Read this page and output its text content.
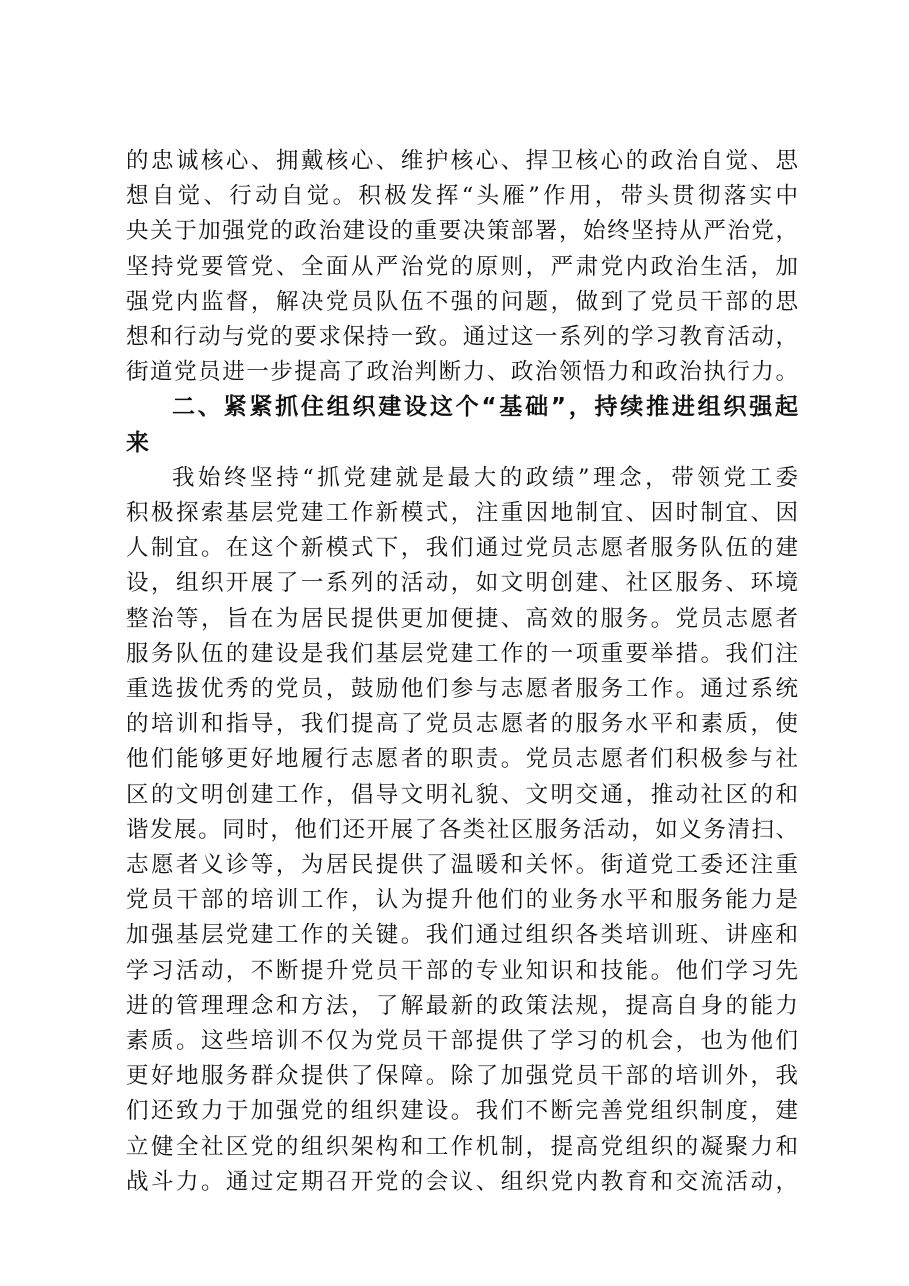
的忠诚核心、拥戴核心、维护核心、捍卫核心的政治自觉、思
想自觉、行动自觉。积极发挥“头雁”作用，带头贯彻落实中
央关于加强党的政治建设的重要决策部署，始终坚持从严治党，
坚持党要管党、全面从严治党的原则，严肃党内政治生活，加
强党内监督，解决党员队伍不强的问题，做到了党员干部的思
想和行动与党的要求保持一致。通过这一系列的学习教育活动，
街道党员进一步提高了政治判断力、政治领悟力和政治执行力。
二、紧紧抓住组织建设这个“基础”，持续推进组织强起
来
我始终坚持“抓党建就是最大的政绩”理念，带领党工委
积极探索基层党建工作新模式，注重因地制宜、因时制宜、因
人制宜。在这个新模式下，我们通过党员志愿者服务队伍的建
设，组织开展了一系列的活动，如文明创建、社区服务、环境
整治等，旨在为居民提供更加便捷、高效的服务。党员志愿者
服务队伍的建设是我们基层党建工作的一项重要举措。我们注
重选拔优秀的党员，鼓励他们参与志愿者服务工作。通过系统
的培训和指导，我们提高了党员志愿者的服务水平和素质，使
他们能够更好地履行志愿者的职责。党员志愿者们积极参与社
区的文明创建工作，倡导文明礼貌、文明交通，推动社区的和
谐发展。同时，他们还开展了各类社区服务活动，如义务清扫、
志愿者义诊等，为居民提供了温暖和关怀。街道党工委还注重
党员干部的培训工作，认为提升他们的业务水平和服务能力是
加强基层党建工作的关键。我们通过组织各类培训班、讲座和
学习活动，不断提升党员干部的专业知识和技能。他们学习先
进的管理理念和方法，了解最新的政策法规，提高自身的能力
素质。这些培训不仅为党员干部提供了学习的机会，也为他们
更好地服务群众提供了保障。除了加强党员干部的培训外，我
们还致力于加强党的组织建设。我们不断完善党组织制度，建
立健全社区党的组织架构和工作机制，提高党组织的凝聚力和
战斗力。通过定期召开党的会议、组织党内教育和交流活动，
